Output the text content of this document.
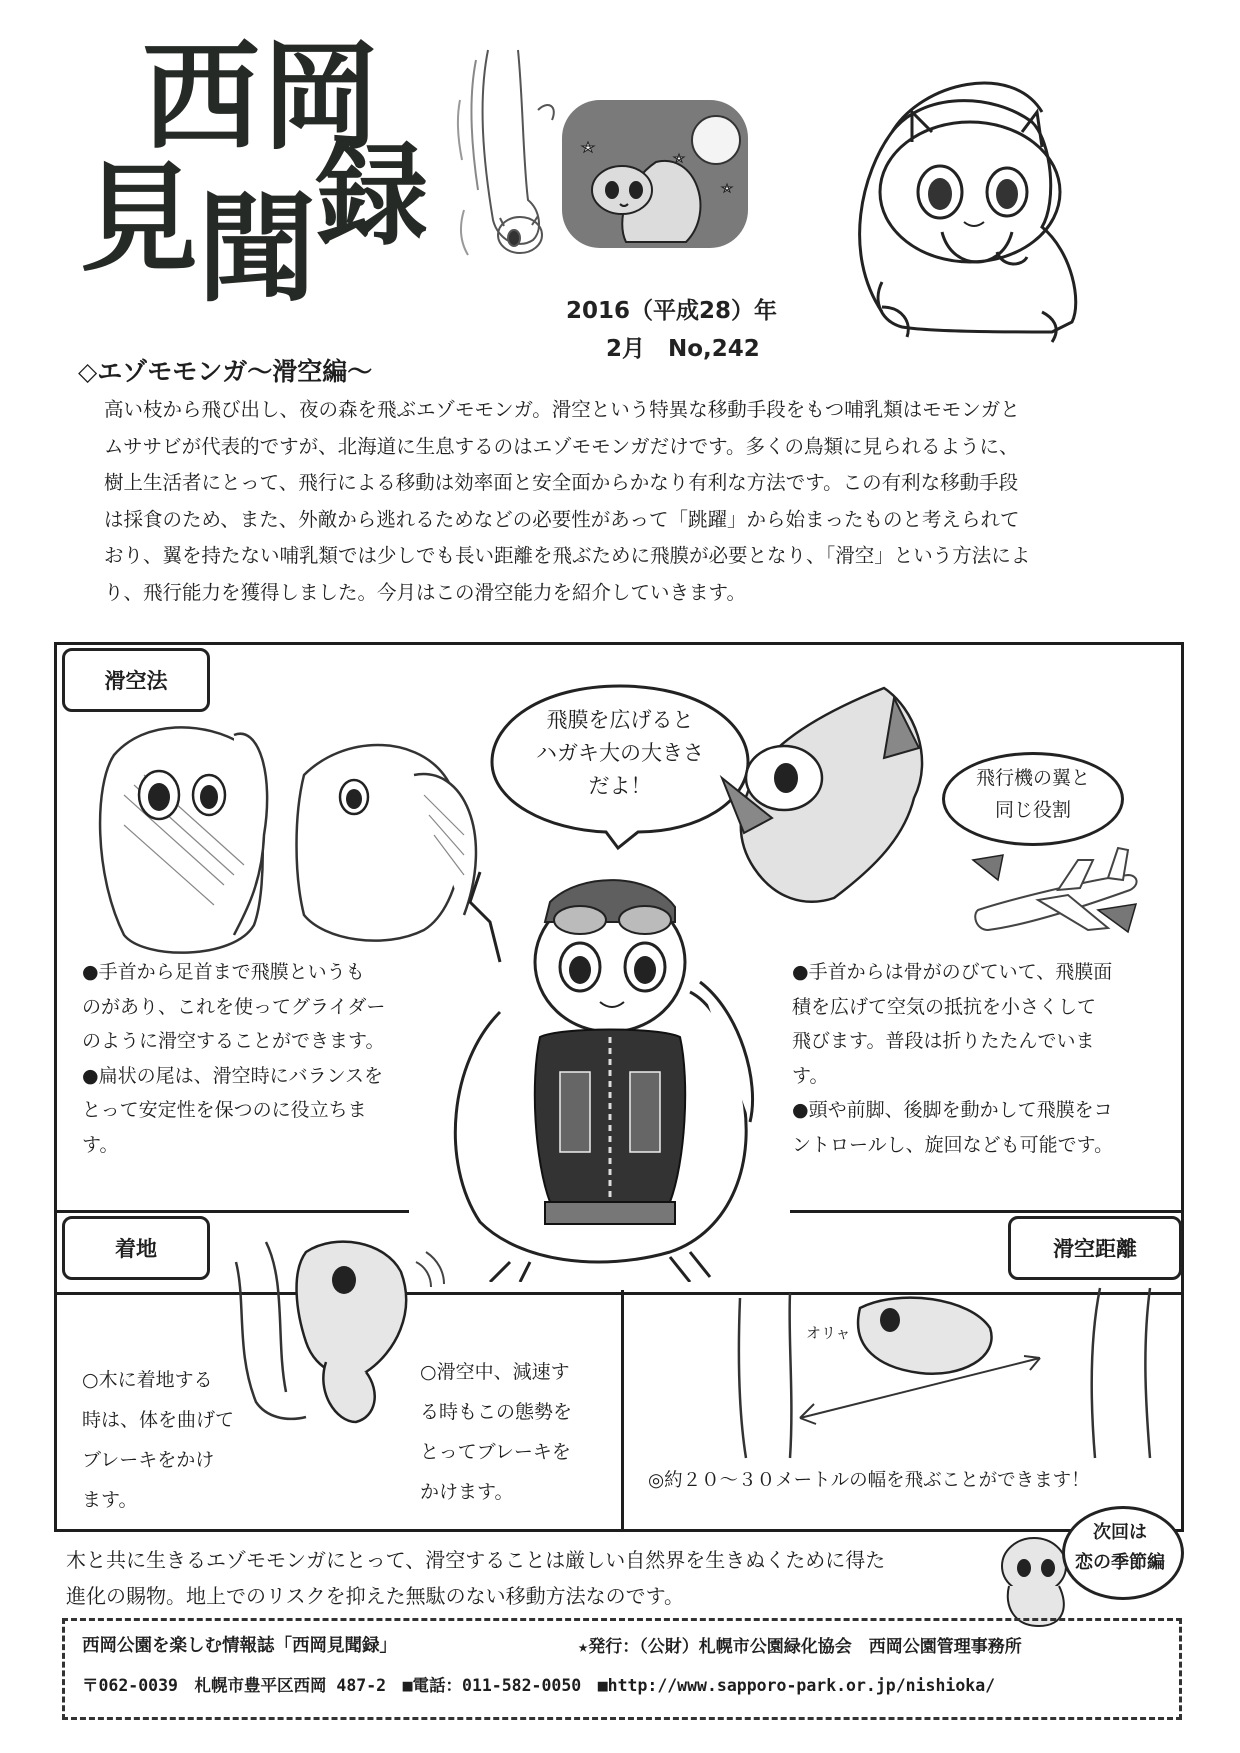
西 岡
見 聞 録
2016（平成28）年
2月　No,242
◇エゾモモンガ～滑空編～
高い枝から飛び出し、夜の森を飛ぶエゾモモンガ。滑空という特異な移動手段をもつ哺乳類はモモンガと
ムササビが代表的ですが、北海道に生息するのはエゾモモンガだけです。多くの鳥類に見られるように、
樹上生活者にとって、飛行による移動は効率面と安全面からかなり有利な方法です。この有利な移動手段
は採食のため、また、外敵から逃れるためなどの必要性があって「跳躍」から始まったものと考えられて
おり、翼を持たない哺乳類では少しでも長い距離を飛ぶために飛膜が必要となり、「滑空」という方法によ
り、飛行能力を獲得しました。今月はこの滑空能力を紹介していきます。
滑空法
●手首から足首まで飛膜というも
のがあり、これを使ってグライダー
のように滑空することができます。
●扁状の尾は、滑空時にバランスを
とって安定性を保つのに役立ちま
す。
飛膜を広げると
ハガキ大の大きさ
だよ！	飛行機の翼と
同じ役割
●手首からは骨がのびていて、飛膜面
積を広げて空気の抵抗を小さくして
飛びます。普段は折りたたんでいま
す。
●頭や前脚、後脚を動かして飛膜をコ
ントロールし、旋回なども可能です。
着地
○木に着地する
時は、体を曲げて
ブレーキをかけ
ます。
○滑空中、減速す
る時もこの態勢を
とってブレーキを
かけます。
滑空距離
オリャ
◎約２０～３０メートルの幅を飛ぶことができます！
木と共に生きるエゾモモンガにとって、滑空することは厳しい自然界を生きぬくために得た
進化の賜物。地上でのリスクを抑えた無駄のない移動方法なのです。
次回は
恋の季節編
西岡公園を楽しむ情報誌「西岡見聞録」	★発行：（公財）札幌市公園緑化協会　西岡公園管理事務所
〒062-0039　札幌市豊平区西岡 487-2　■電話：011-582-0050　■http://www.sapporo-park.or.jp/nishioka/
